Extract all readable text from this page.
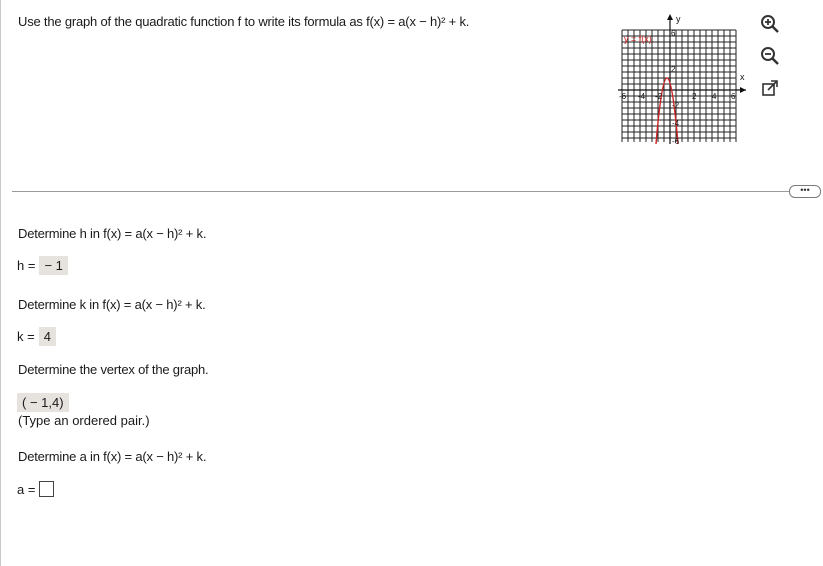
Use the graph of the quadratic function f to write its formula as f(x) = a(x − h)² + k.	y
x
y = f(x)
-6 -4 -2	2 4 6
6
2
-2
-4
-6
•••
Determine h in f(x) = a(x − h)² + k.
h = − 1
Determine k in f(x) = a(x − h)² + k.
k = 4
Determine the vertex of the graph.
( − 1,4)
(Type an ordered pair.)
Determine a in f(x) = a(x − h)² + k.
a =
